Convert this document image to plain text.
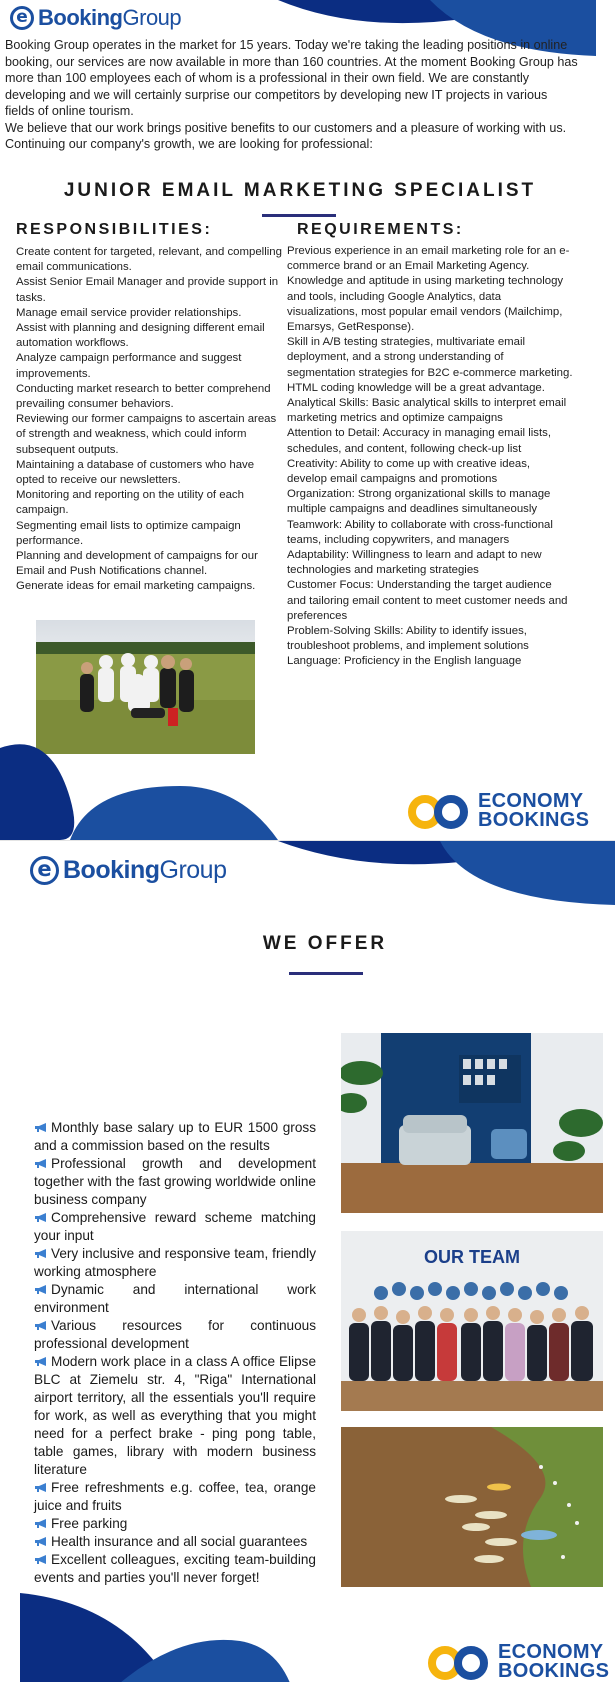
e BookingGroup

Booking Group operates in the market for 15 years. Today we're taking the leading positions in online booking, our services are now available in more than 160 countries. At the moment Booking Group has more than 100 employees each of whom is a professional in their own field. We are constantly developing and we will certainly surprise our competitors by developing new IT projects in various fields of online tourism.

We believe that our work brings positive benefits to our customers and a pleasure of working with us. Continuing our company's growth, we are looking for professional:

JUNIOR EMAIL MARKETING SPECIALIST
RESPONSIBILITIES:
Create content for targeted, relevant, and compelling email communications.
Assist Senior Email Manager and provide support in tasks.
Manage email service provider relationships.
Assist with planning and designing different email automation workflows.
Analyze campaign performance and suggest improvements.
Conducting market research to better comprehend prevailing consumer behaviors.
Reviewing our former campaigns to ascertain areas of strength and weakness, which could inform subsequent outputs.
Maintaining a database of customers who have opted to receive our newsletters.
Monitoring and reporting on the utility of each campaign.
Segmenting email lists to optimize campaign performance.
Planning and development of campaigns for our Email and Push Notifications channel.
Generate ideas for email marketing campaigns.
REQUIREMENTS:
Previous experience in an email marketing role for an e-commerce brand or an Email Marketing Agency.
Knowledge and aptitude in using marketing technology and tools, including Google Analytics, data visualizations, most popular email vendors (Mailchimp, Emarsys, GetResponse).
Skill in A/B testing strategies, multivariate email deployment, and a strong understanding of segmentation strategies for B2C e-commerce marketing.
HTML coding knowledge will be a great advantage.
Analytical Skills: Basic analytical skills to interpret email marketing metrics and optimize campaigns
Attention to Detail: Accuracy in managing email lists, schedules, and content, following check-up list
Creativity: Ability to come up with creative ideas, develop email campaigns and promotions
Organization: Strong organizational skills to manage multiple campaigns and deadlines simultaneously
Teamwork: Ability to collaborate with cross-functional teams, including copywriters, and managers
Adaptability: Willingness to learn and adapt to new technologies and marketing strategies
Customer Focus: Understanding the target audience and tailoring email content to meet customer needs and preferences
Problem-Solving Skills: Ability to identify issues, troubleshoot problems, and implement solutions
Language: Proficiency in the English language
ECONOMY
BOOKINGS
e BookingGroup
WE OFFER
Monthly base salary up to EUR 1500 gross and a commission based on the results
Professional growth and development together with the fast growing worldwide online business company
Comprehensive reward scheme matching your input
Very inclusive and responsive team, friendly working atmosphere
Dynamic and international work environment
Various resources for continuous professional development
Modern work place in a class A office Elipse BLC at Ziemelu str. 4, "Riga" International airport territory, all the essentials you'll require for work, as well as everything that you might need for a perfect brake - ping pong table, table games, library with modern business literature
Free refreshments e.g. coffee, tea, orange juice and fruits
Free parking
Health insurance and all social guarantees
Excellent colleagues, exciting team-building events and parties you'll never forget!
OUR TEAM
ECONOMY
BOOKINGS
